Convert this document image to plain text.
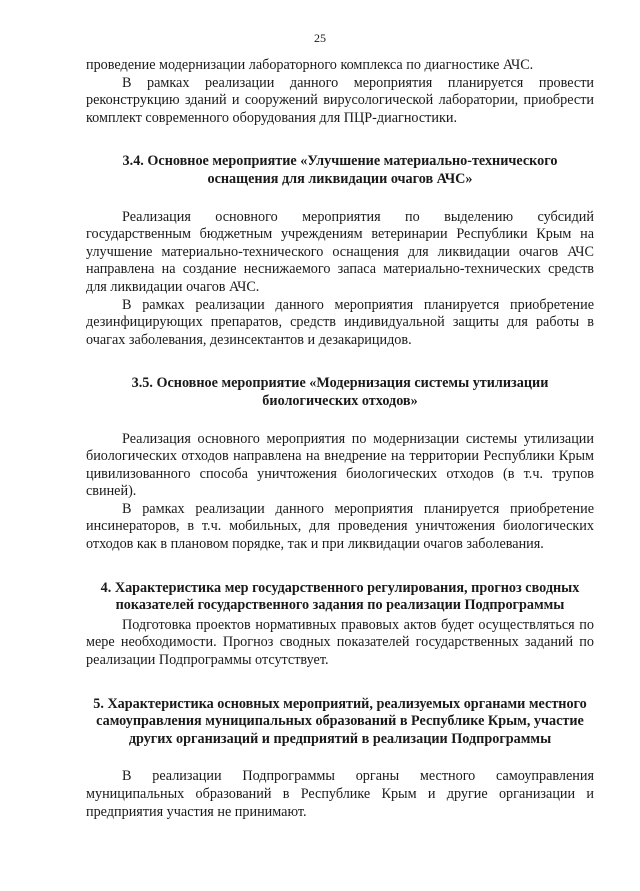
25

проведение модернизации лабораторного комплекса по диагностике АЧС.

В рамках реализации данного мероприятия планируется провести реконструкцию зданий и сооружений вирусологической лаборатории, приобрести комплект современного оборудования для ПЦР-диагностики.

3.4. Основное мероприятие «Улучшение материально-технического оснащения для ликвидации очагов АЧС»

Реализация основного мероприятия по выделению субсидий государственным бюджетным учреждениям ветеринарии Республики Крым на улучшение материально-технического оснащения для ликвидации очагов АЧС направлена на создание неснижаемого запаса материально-технических средств для ликвидации очагов АЧС.

В рамках реализации данного мероприятия планируется приобретение дезинфицирующих препаратов, средств индивидуальной защиты для работы в очагах заболевания, дезинсектантов и дезакарицидов.

3.5. Основное мероприятие «Модернизация системы утилизации биологических отходов»

Реализация основного мероприятия по модернизации системы утилизации биологических отходов направлена на внедрение на территории Республики Крым цивилизованного способа уничтожения биологических отходов (в т.ч. трупов свиней).

В рамках реализации данного мероприятия планируется приобретение инсинераторов, в т.ч. мобильных, для проведения уничтожения биологических отходов как в плановом порядке, так и при ликвидации очагов заболевания.

4. Характеристика мер государственного регулирования, прогноз сводных показателей государственного задания по реализации Подпрограммы

Подготовка проектов нормативных правовых актов будет осуществляться по мере необходимости. Прогноз сводных показателей государственных заданий по реализации Подпрограммы отсутствует.

5. Характеристика основных мероприятий, реализуемых органами местного самоуправления муниципальных образований в Республике Крым, участие других организаций и предприятий в реализации Подпрограммы

В реализации Подпрограммы органы местного самоуправления муниципальных образований в Республике Крым и другие организации и предприятия участия не принимают.
